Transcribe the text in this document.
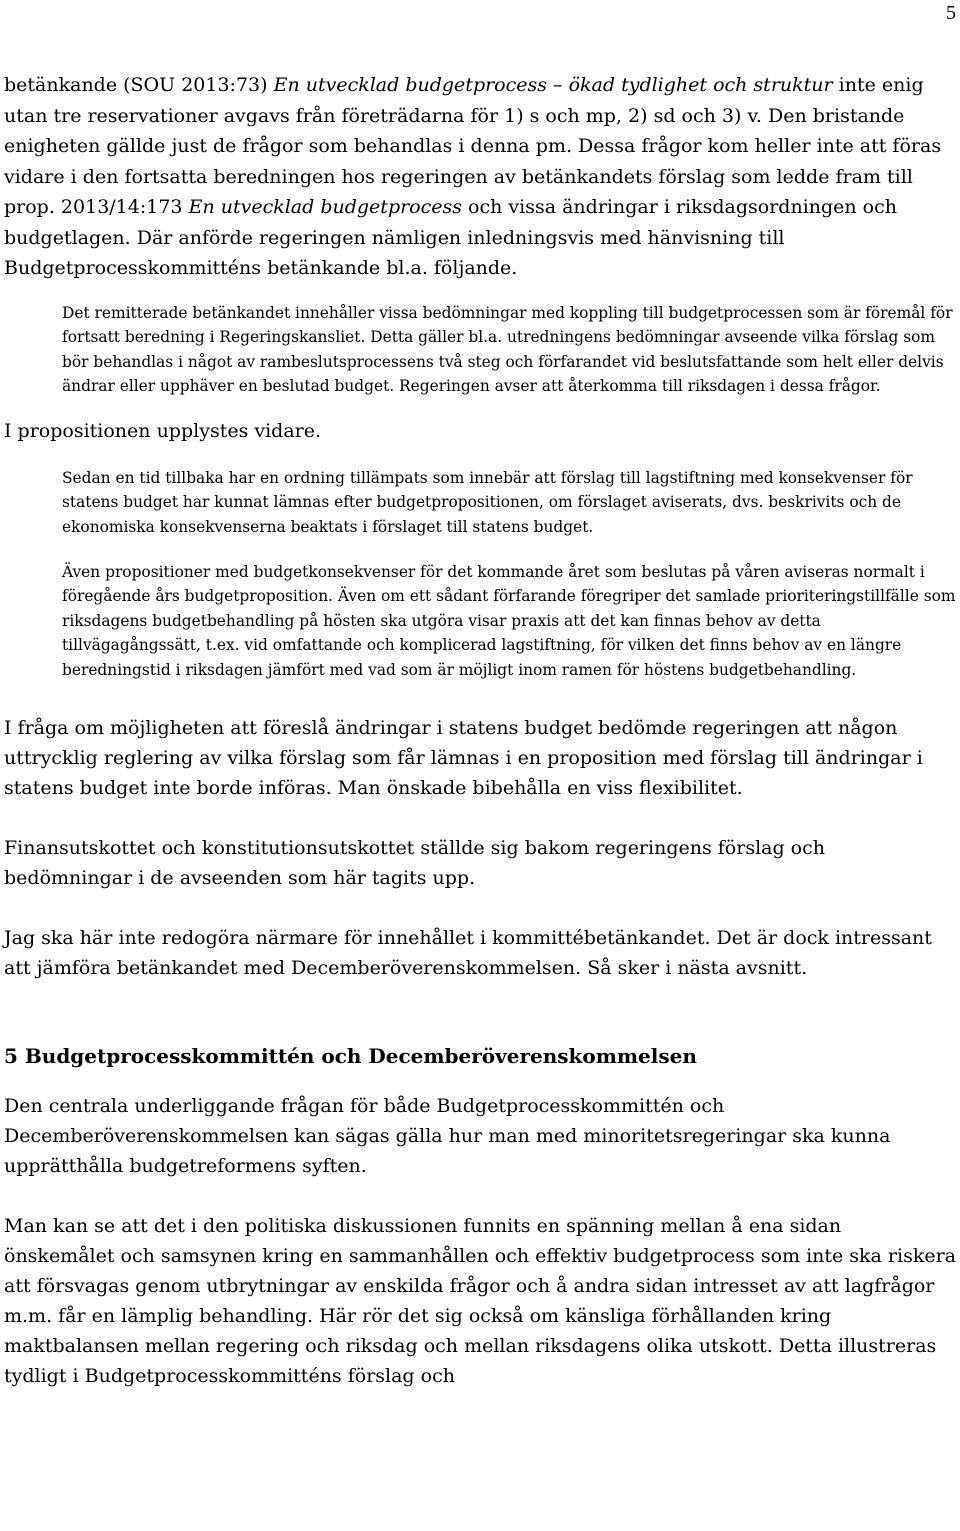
5

betänkande (SOU 2013:73) En utvecklad budgetprocess – ökad tydlighet och struktur inte enig utan tre reservationer avgavs från företrädarna för 1) s och mp, 2) sd och 3) v. Den bristande enigheten gällde just de frågor som behandlas i denna pm. Dessa frågor kom heller inte att föras vidare i den fortsatta beredningen hos regeringen av betänkandets förslag som ledde fram till prop. 2013/14:173 En utvecklad budgetprocess och vissa ändringar i riksdagsordningen och budgetlagen. Där anförde regeringen nämligen inledningsvis med hänvisning till Budgetprocesskommitténs betänkande bl.a. följande.

Det remitterade betänkandet innehåller vissa bedömningar med koppling till budgetprocessen som är föremål för fortsatt beredning i Regeringskansliet. Detta gäller bl.a. utredningens bedömningar avseende vilka förslag som bör behandlas i något av rambeslutsprocessens två steg och förfarandet vid beslutsfattande som helt eller delvis ändrar eller upphäver en beslutad budget. Regeringen avser att återkomma till riksdagen i dessa frågor.

I propositionen upplystes vidare.

Sedan en tid tillbaka har en ordning tillämpats som innebär att förslag till lagstiftning med konsekvenser för statens budget har kunnat lämnas efter budgetpropositionen, om förslaget aviserats, dvs. beskrivits och de ekonomiska konsekvenserna beaktats i förslaget till statens budget.

Även propositioner med budgetkonsekvenser för det kommande året som beslutas på våren aviseras normalt i föregående års budgetproposition. Även om ett sådant förfarande föregriper det samlade prioriteringstillfälle som riksdagens budgetbehandling på hösten ska utgöra visar praxis att det kan finnas behov av detta tillvägagångssätt, t.ex. vid omfattande och komplicerad lagstiftning, för vilken det finns behov av en längre beredningstid i riksdagen jämfört med vad som är möjligt inom ramen för höstens budgetbehandling.

I fråga om möjligheten att föreslå ändringar i statens budget bedömde regeringen att någon uttrycklig reglering av vilka förslag som får lämnas i en proposition med förslag till ändringar i statens budget inte borde införas. Man önskade bibehålla en viss flexibilitet.

Finansutskottet och konstitutionsutskottet ställde sig bakom regeringens förslag och bedömningar i de avseenden som här tagits upp.

Jag ska här inte redogöra närmare för innehållet i kommittébetänkandet. Det är dock intressant att jämföra betänkandet med Decemberöverenskommelsen. Så sker i nästa avsnitt.

5 Budgetprocesskommittén och Decemberöverenskommelsen

Den centrala underliggande frågan för både Budgetprocesskommittén och Decemberöverenskommelsen kan sägas gälla hur man med minoritetsregeringar ska kunna upprätthålla budgetreformens syften.

Man kan se att det i den politiska diskussionen funnits en spänning mellan å ena sidan önskemålet och samsynen kring en sammanhållen och effektiv budgetprocess som inte ska riskera att försvagas genom utbrytningar av enskilda frågor och å andra sidan intresset av att lagfrågor m.m. får en lämplig behandling. Här rör det sig också om känsliga förhållanden kring maktbalansen mellan regering och riksdag och mellan riksdagens olika utskott. Detta illustreras tydligt i Budgetprocesskommitténs förslag och
